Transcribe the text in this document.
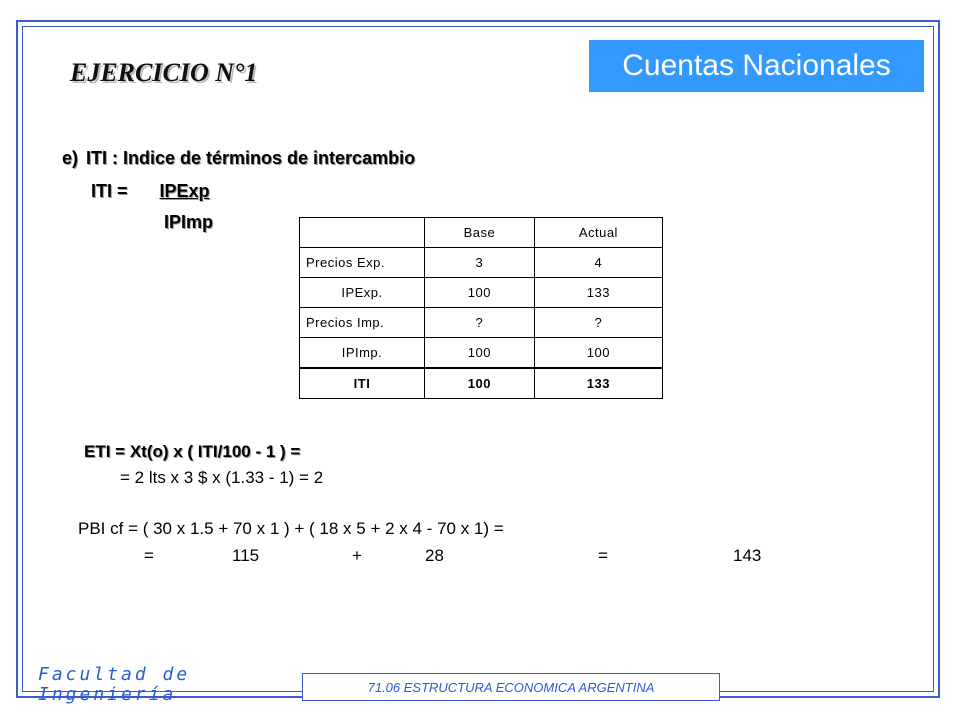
Cuentas Nacionales
EJERCICIO N°1
e) ITI : Indice de términos de intercambio
ITI = IPExp
IPImp
	Base	Actual
Precios Exp.	3	4
IPExp.	100	133
Precios Imp.	?	?
IPImp.	100	100
ITI	100	133
ETI = Xt(o) x ( ITI/100 - 1 ) =
= 2 lts x 3 $ x (1.33 - 1) = 2
PBI cf = ( 30 x 1.5 + 70 x 1 ) + ( 18 x 5 + 2 x 4 - 70 x 1) =
=	115	+	28	=	143
Facultad de
Ingeniería	71.06 ESTRUCTURA ECONOMICA ARGENTINA
